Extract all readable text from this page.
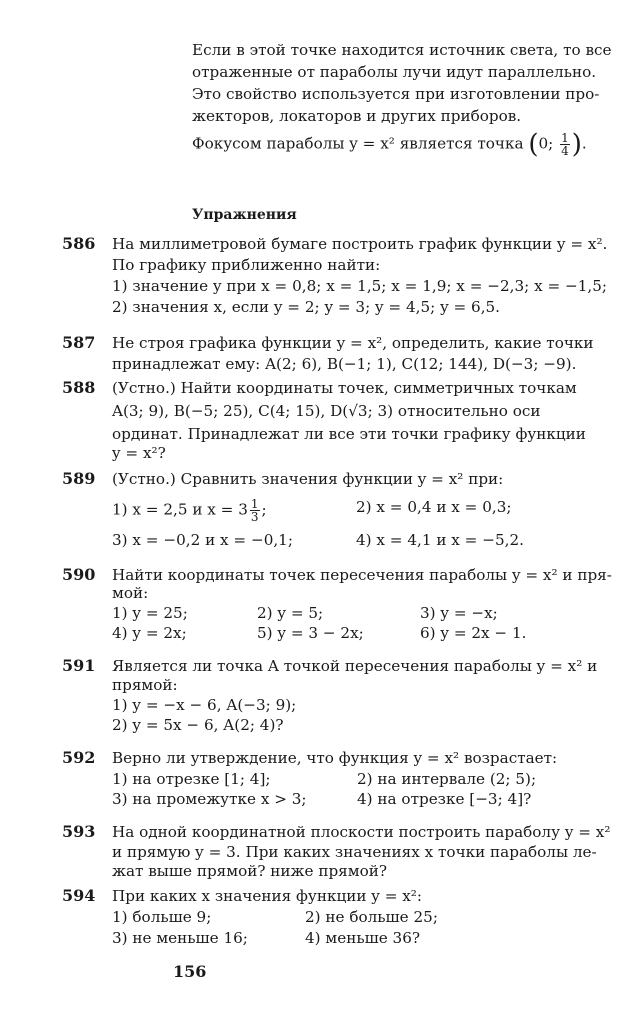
Если в этой точке находится источник света, то все
отраженные от параболы лучи идут параллельно.
Это свойство используется при изготовлении про-
жекторов, локаторов и других приборов.
Фокусом параболы y = x² является точка (0; $\frac{1}{4}$ ).
Упражнения
586 На миллиметровой бумаге построить график функции y = x².
По графику приближенно найти:
1) значение y при x = 0,8; x = 1,5; x = 1,9; x = −2,3; x = −1,5;
2) значения x, если y = 2; y = 3; y = 4,5; y = 6,5.
587 Не строя графика функции y = x², определить, какие точки
принадлежат ему: A(2; 6), B(−1; 1), C(12; 144), D(−3; −9).
588 (Устно.) Найти координаты точек, симметричных точкам
A(3; 9), B(−5; 25), C(4; 15), D(√3; 3) относительно оси
ординат. Принадлежат ли все эти точки графику функции
y = x²?
589 (Устно.) Сравнить значения функции y = x² при:
1) x = 2,5 и $x = 3 \frac{1}{3}$ ;	2) x = 0,4 и x = 0,3;
3) x = −0,2 и x = −0,1;	4) x = 4,1 и x = −5,2.
590 Найти координаты точек пересечения параболы y = x² и пря-
мой:
1) y = 25;	2) y = 5;	3) y = −x;
4) y = 2x;	5) y = 3 − 2x;	6) y = 2x − 1.
591 Является ли точка A точкой пересечения параболы y = x² и
прямой:
1) y = −x − 6, A(−3; 9);
2) y = 5x − 6, A(2; 4)?
592 Верно ли утверждение, что функция y = x² возрастает:
1) на отрезке [1; 4];	2) на интервале (2; 5);
3) на промежутке x > 3;	4) на отрезке [−3; 4]?
593 На одной координатной плоскости построить параболу y = x²
и прямую y = 3. При каких значениях x точки параболы ле-
жат выше прямой? ниже прямой?
594 При каких x значения функции y = x²:
1) больше 9;	2) не больше 25;
3) не меньше 16;	4) меньше 36?
156
